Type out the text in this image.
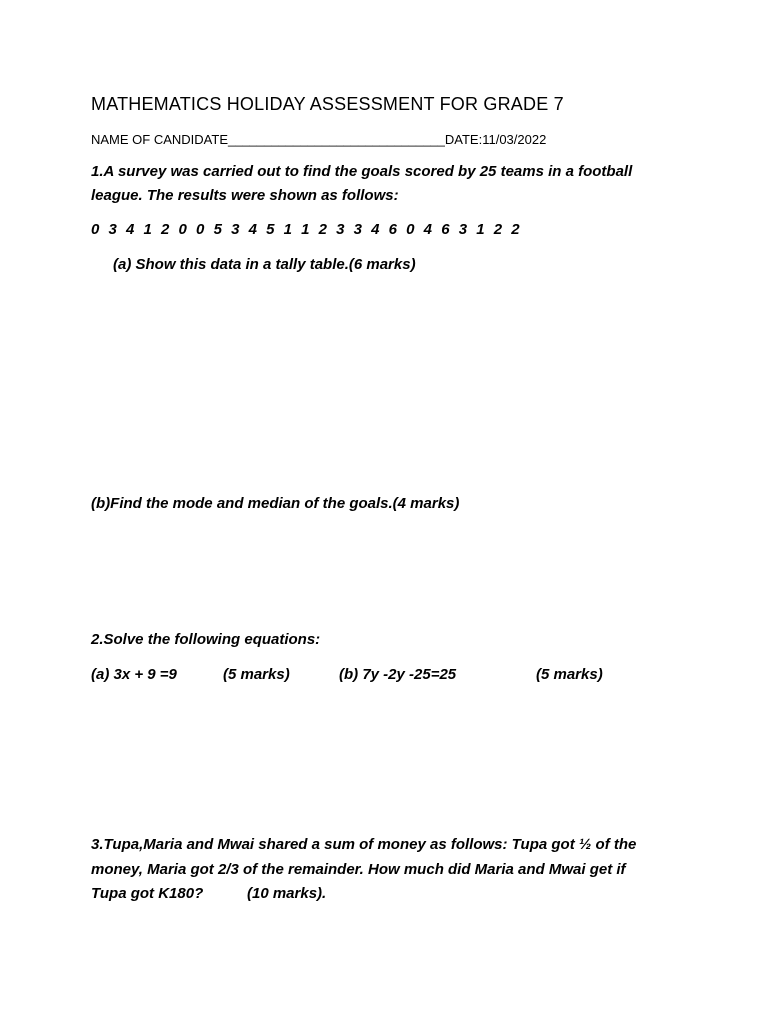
MATHEMATICS HOLIDAY ASSESSMENT FOR GRADE 7
NAME OF CANDIDATE______________________________DATE:11/03/2022
1.A survey was carried out to find the goals scored by 25 teams in a football
league. The results were shown as follows:
0 3 4 1 2 0 0 5 3 4 5 1 1 2 3 3 4 6 0 4 6 3 1 2 2
(a) Show this data in a tally table.(6 marks)
(b)Find the mode and median of the goals.(4 marks)
2.Solve the following equations:
(a) 3x + 9 =9	(5 marks)	(b) 7y -2y -25=25	(5 marks)
3.Tupa,Maria and Mwai shared a sum of money as follows: Tupa got ½ of the
money, Maria got 2/3 of the remainder. How much did Maria and Mwai get if
Tupa got K180?	(10 marks).
